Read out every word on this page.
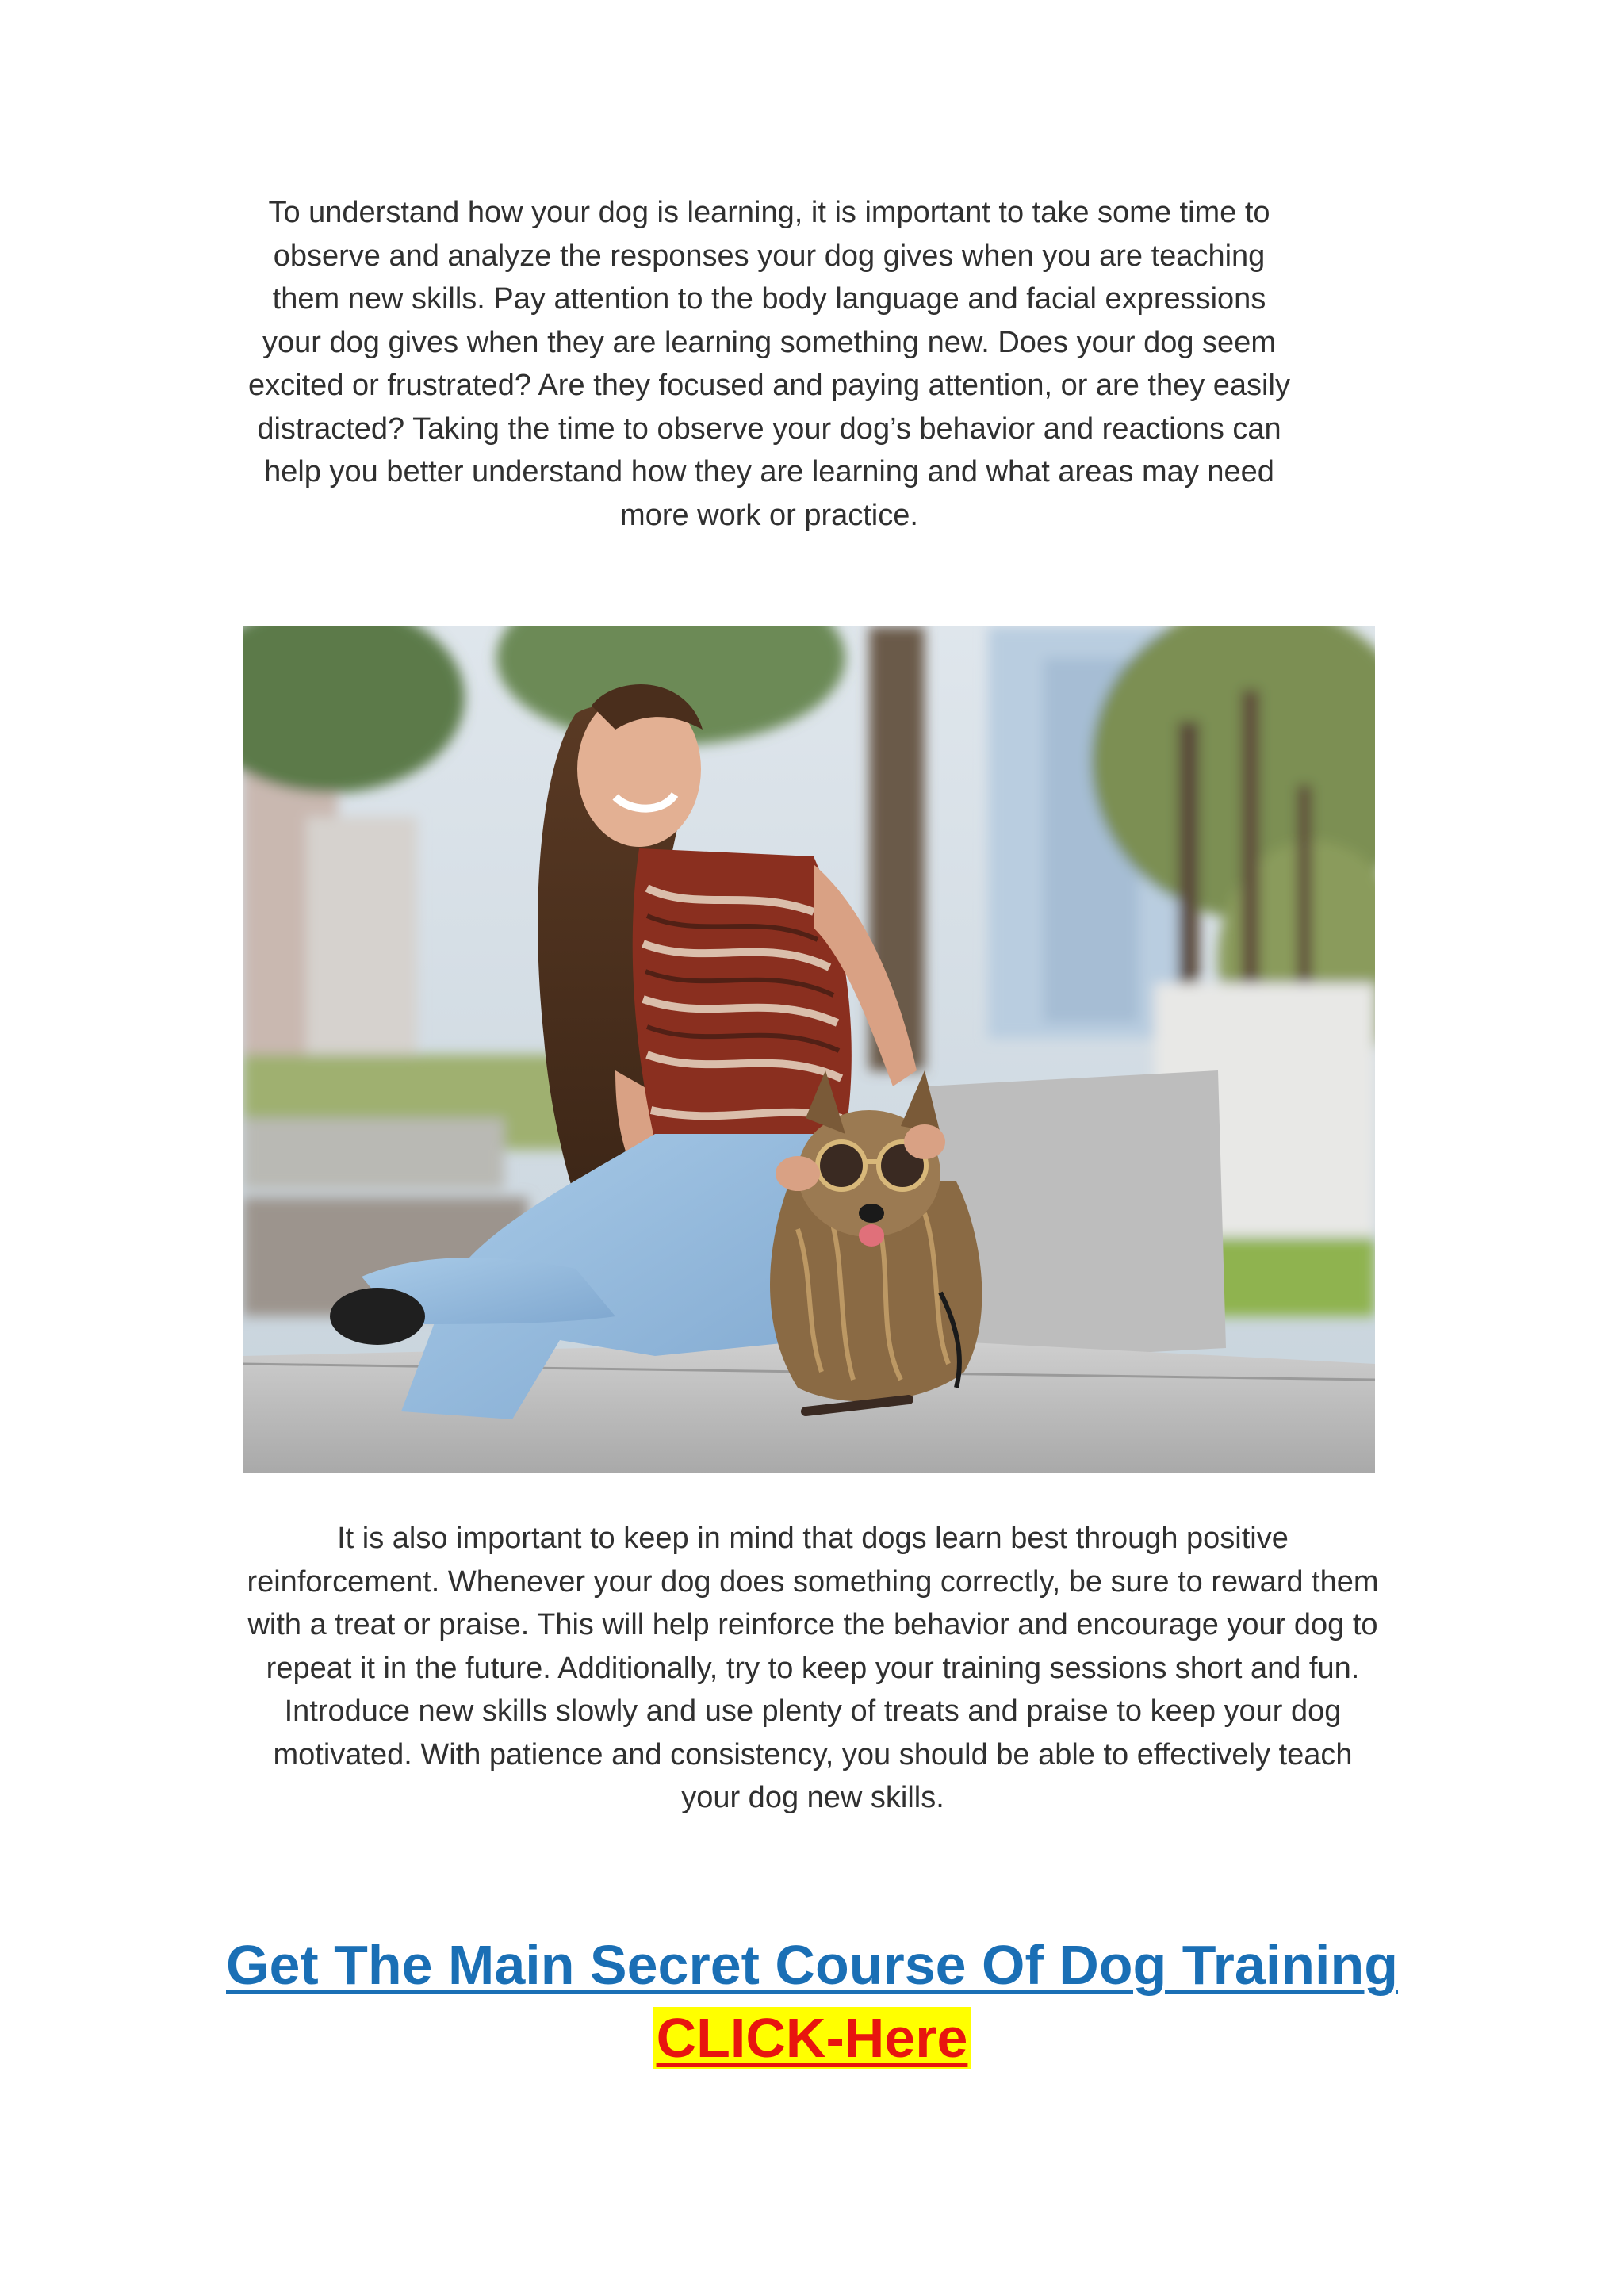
To understand how your dog is learning, it is important to take some time to
observe and analyze the responses your dog gives when you are teaching
them new skills. Pay attention to the body language and facial expressions
your dog gives when they are learning something new. Does your dog seem
excited or frustrated? Are they focused and paying attention, or are they easily
distracted? Taking the time to observe your dog’s behavior and reactions can
help you better understand how they are learning and what areas may need
more work or practice.

It is also important to keep in mind that dogs learn best through positive
reinforcement. Whenever your dog does something correctly, be sure to reward them
with a treat or praise. This will help reinforce the behavior and encourage your dog to
repeat it in the future. Additionally, try to keep your training sessions short and fun.
Introduce new skills slowly and use plenty of treats and praise to keep your dog
motivated. With patience and consistency, you should be able to effectively teach
your dog new skills.

Get The Main Secret Course Of Dog Training

CLICK-Here
